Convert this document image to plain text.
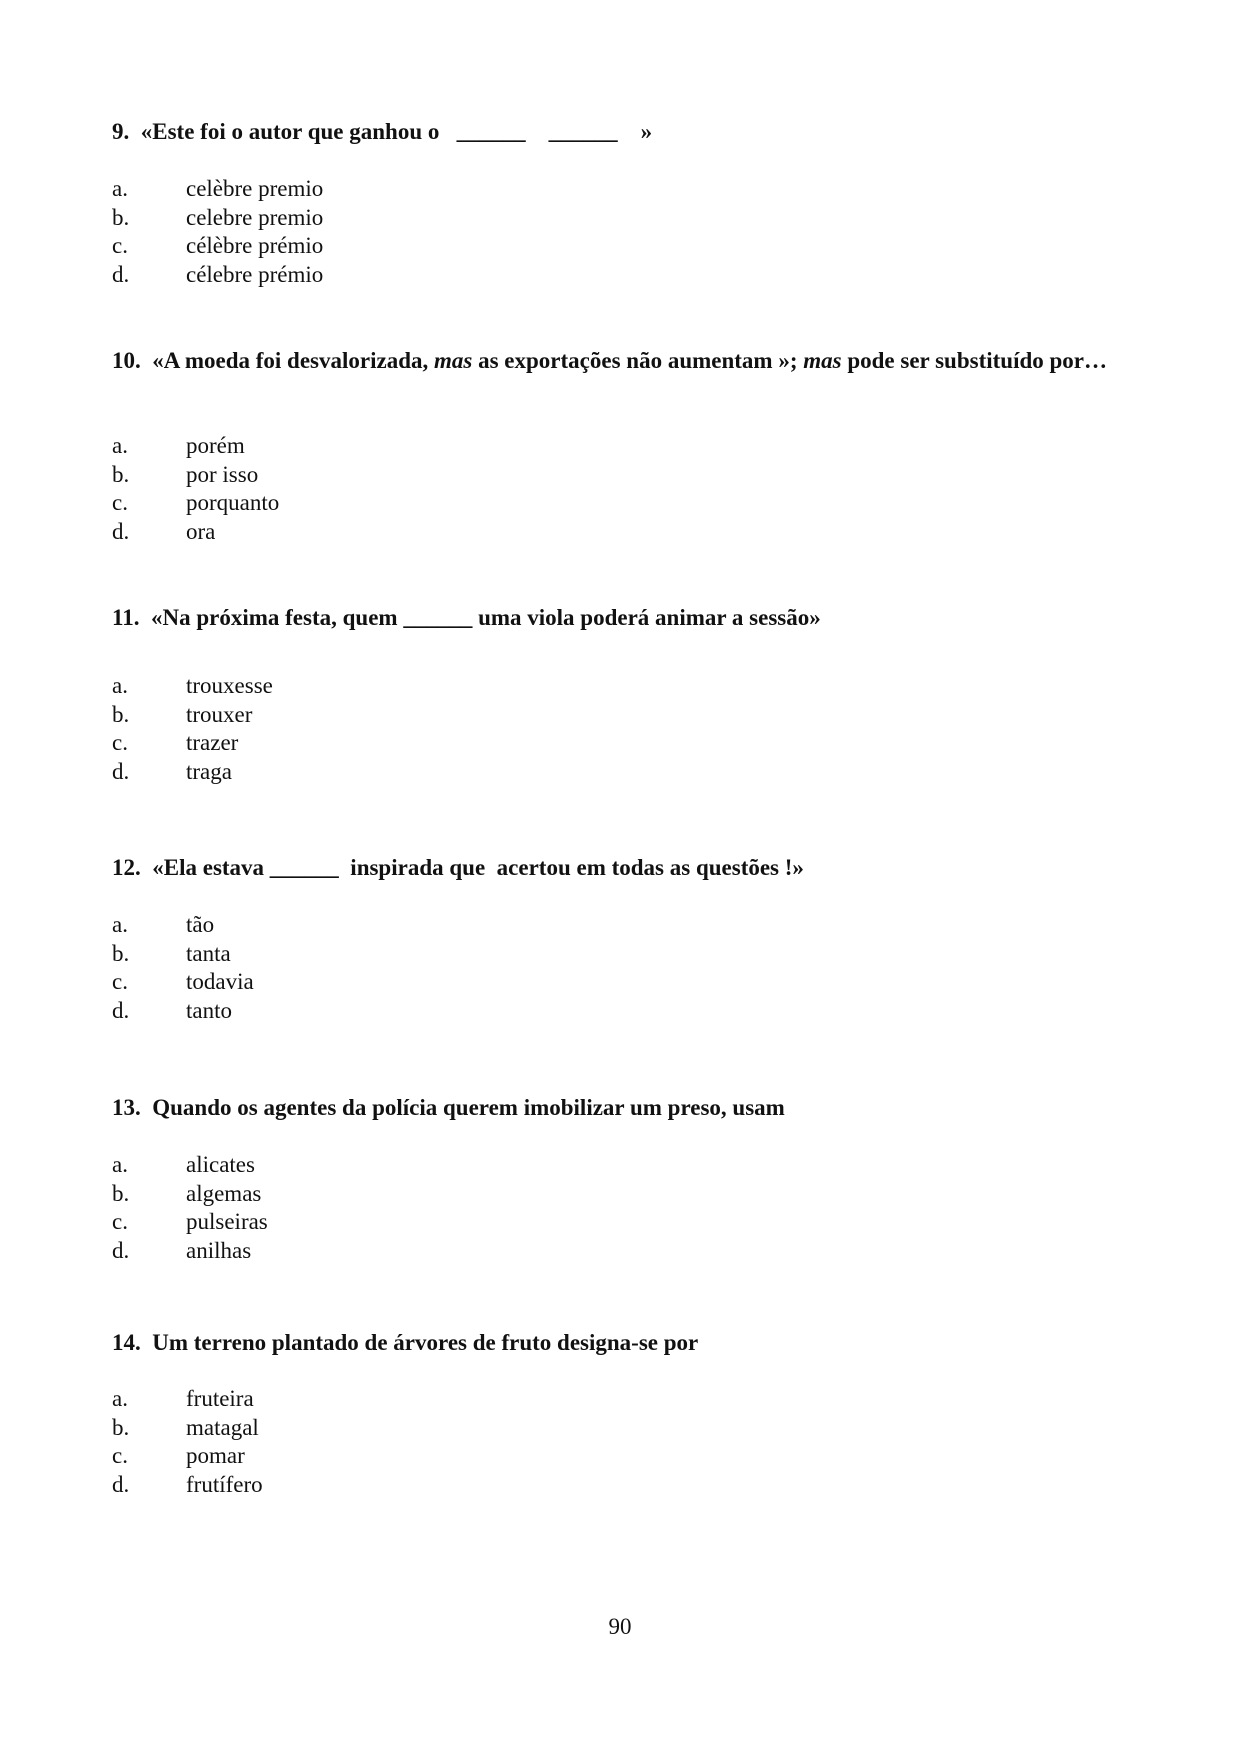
9. «Este foi o autor que ganhou o   ______    ______    »
a.	celèbre premio
b.	celebre premio
c.	célèbre prémio
d.	célebre prémio
10. «A moeda foi desvalorizada, mas as exportações não aumentam »; mas pode ser substituído por…
a.	porém
b.	por isso
c.	porquanto
d.	ora
11. «Na próxima festa, quem ______ uma viola poderá animar a sessão»
a.	trouxesse
b.	trouxer
c.	trazer
d.	traga
12. «Ela estava ______  inspirada que  acertou em todas as questões !»
a.	tão
b.	tanta
c.	todavia
d.	tanto
13. Quando os agentes da polícia querem imobilizar um preso, usam
a.	alicates
b.	algemas
c.	pulseiras
d.	anilhas
14. Um terreno plantado de árvores de fruto designa-se por
a.	fruteira
b.	matagal
c.	pomar
d.	frutífero
90
